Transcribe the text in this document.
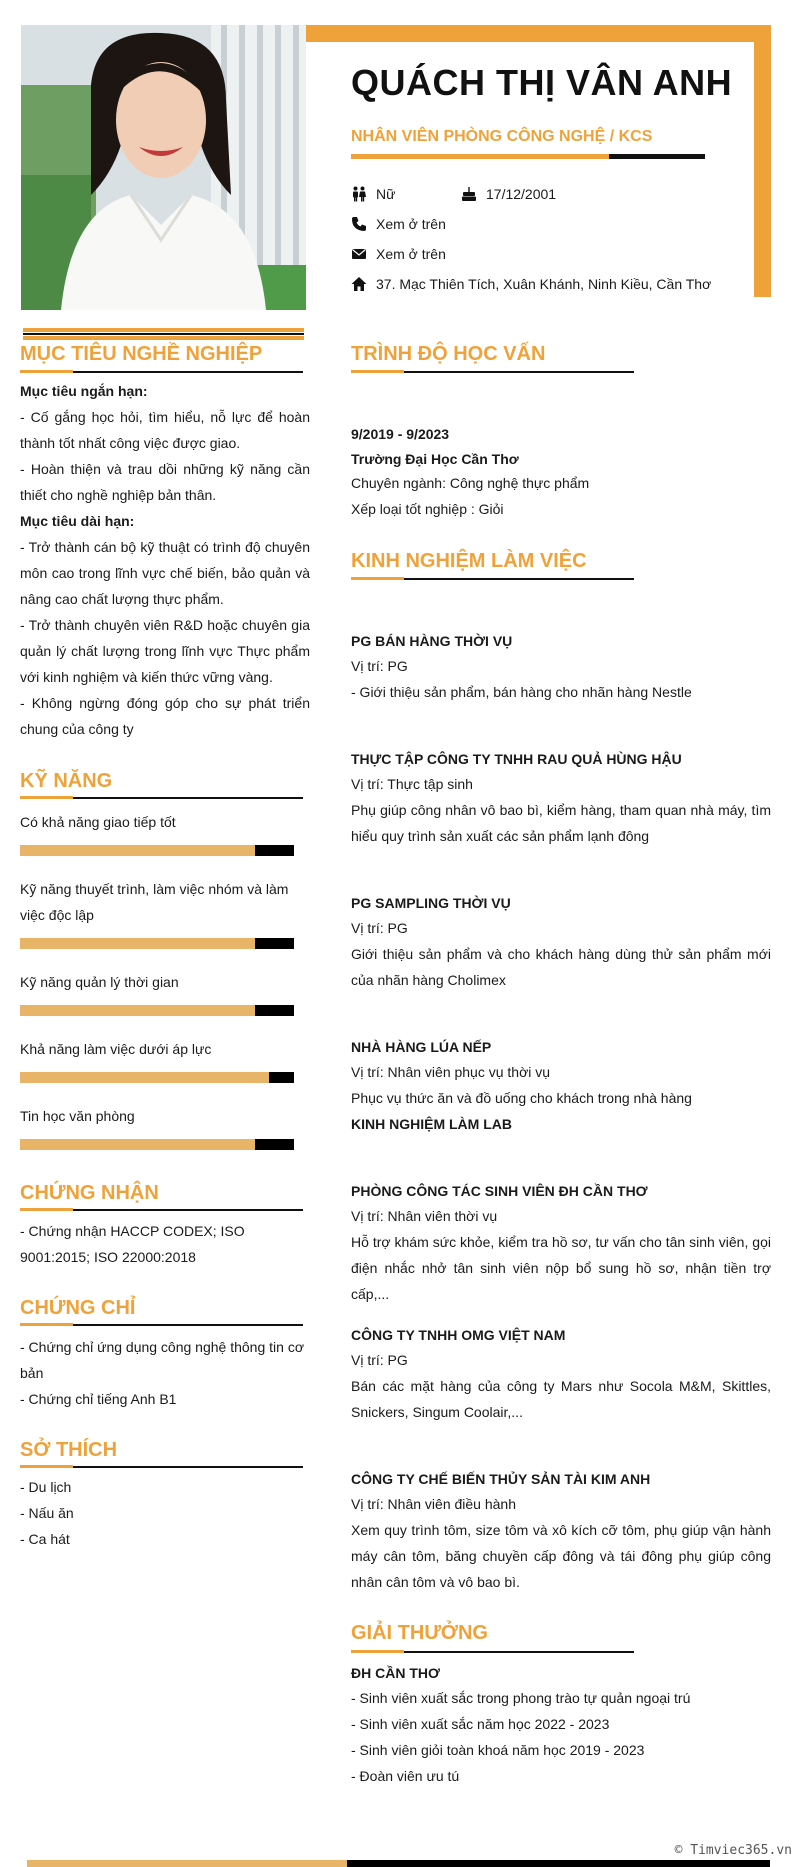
QUÁCH THỊ VÂN ANH
NHÂN VIÊN PHÒNG CÔNG NGHỆ / KCS
Nữ	17/12/2001
Xem ở trên
Xem ở trên
37. Mạc Thiên Tích, Xuân Khánh, Ninh Kiều, Cần Thơ
MỤC TIÊU NGHỀ NGHIỆP
Mục tiêu ngắn hạn:
- Cố gắng học hỏi, tìm hiểu, nỗ lực để hoàn thành tốt nhất công việc được giao.
- Hoàn thiện và trau dồi những kỹ năng cần thiết cho nghề nghiệp bản thân.
Mục tiêu dài hạn:
- Trở thành cán bộ kỹ thuật có trình độ chuyên môn cao trong lĩnh vực chế biến, bảo quản và nâng cao chất lượng thực phẩm.
- Trở thành chuyên viên R&D hoặc chuyên gia quản lý chất lượng trong lĩnh vực Thực phẩm với kinh nghiệm và kiến thức vững vàng.
- Không ngừng đóng góp cho sự phát triển chung của công ty
KỸ NĂNG
Có khả năng giao tiếp tốt
Kỹ năng thuyết trình, làm việc nhóm và làm việc độc lập
Kỹ năng quản lý thời gian
Khả năng làm việc dưới áp lực
Tin học văn phòng
CHỨNG NHẬN
- Chứng nhận HACCP CODEX; ISO 9001:2015; ISO 22000:2018
CHỨNG CHỈ
- Chứng chỉ ứng dụng công nghệ thông tin cơ bản
- Chứng chỉ tiếng Anh B1
SỞ THÍCH
- Du lịch
- Nấu ăn
- Ca hát
TRÌNH ĐỘ HỌC VẤN
9/2019 - 9/2023
Trường Đại Học Cần Thơ
Chuyên ngành: Công nghệ thực phẩm
Xếp loại tốt nghiệp : Giỏi
KINH NGHIỆM LÀM VIỆC
PG BÁN HÀNG THỜI VỤ
Vị trí: PG
- Giới thiệu sản phẩm, bán hàng cho nhãn hàng Nestle
THỰC TẬP CÔNG TY TNHH RAU QUẢ HÙNG HẬU
Vị trí: Thực tập sinh
Phụ giúp công nhân vô bao bì, kiểm hàng, tham quan nhà máy, tìm hiểu quy trình sản xuất các sản phẩm lạnh đông
PG SAMPLING THỜI VỤ
Vị trí: PG
Giới thiệu sản phẩm và cho khách hàng dùng thử sản phẩm mới của nhãn hàng Cholimex
NHÀ HÀNG LÚA NẾP
Vị trí: Nhân viên phục vụ thời vụ
Phục vụ thức ăn và đồ uống cho khách trong nhà hàng
KINH NGHIỆM LÀM LAB
PHÒNG CÔNG TÁC SINH VIÊN ĐH CẦN THƠ
Vị trí: Nhân viên thời vụ
Hỗ trợ khám sức khỏe, kiểm tra hồ sơ, tư vấn cho tân sinh viên, gọi điện nhắc nhở tân sinh viên nộp bổ sung hồ sơ, nhận tiền trợ cấp,...
CÔNG TY TNHH OMG VIỆT NAM
Vị trí: PG
Bán các mặt hàng của công ty Mars như Socola M&M, Skittles, Snickers, Singum Coolair,...
CÔNG TY CHẾ BIẾN THỦY SẢN TÀI KIM ANH
Vị trí: Nhân viên điều hành
Xem quy trình tôm, size tôm và xô kích cỡ tôm, phụ giúp vận hành máy cân tôm, băng chuyền cấp đông và tái đông phụ giúp công nhân cân tôm và vô bao bì.
GIẢI THƯỞNG
ĐH CẦN THƠ
- Sinh viên xuất sắc trong phong trào tự quản ngoại trú
- Sinh viên xuất sắc năm học 2022 - 2023
- Sinh viên giỏi toàn khoá năm học 2019 - 2023
- Đoàn viên ưu tú
© Timviec365.vn
